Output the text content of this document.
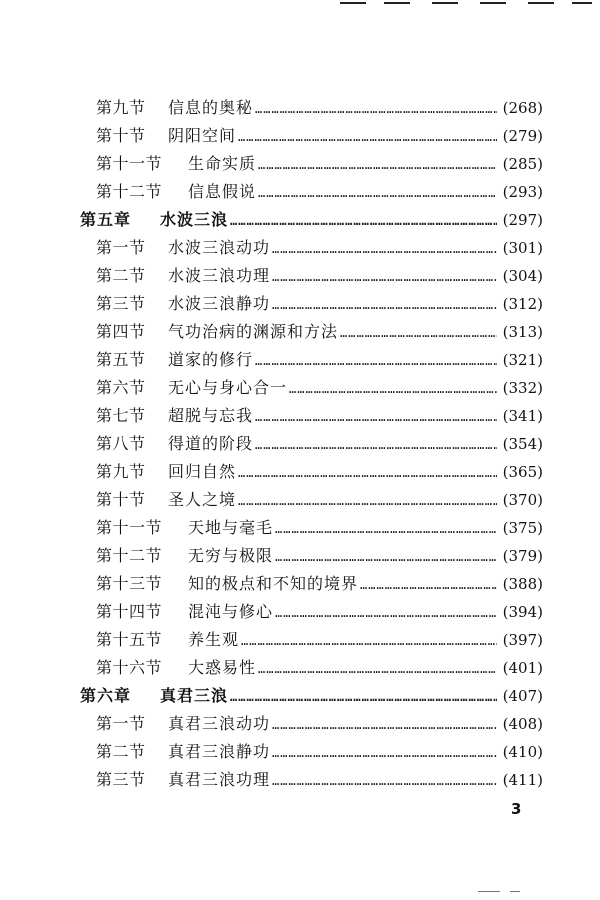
第九节	信息的奥秘 ……………………………………………………………………………………………………………………	(268)
第十节	阴阳空间 ……………………………………………………………………………………………………………………	(279)
第十一节	生命实质 ……………………………………………………………………………………………………………………	(285)
第十二节	信息假说 ……………………………………………………………………………………………………………………	(293)
第五章	水波三浪 ……………………………………………………………………………………………………………………	(297)
第一节	水波三浪动功 ……………………………………………………………………………………………………………………	(301)
第二节	水波三浪功理 ……………………………………………………………………………………………………………………	(304)
第三节	水波三浪静功 ……………………………………………………………………………………………………………………	(312)
第四节	气功治病的渊源和方法 ……………………………………………………………………………………………………………………	(313)
第五节	道家的修行 ……………………………………………………………………………………………………………………	(321)
第六节	无心与身心合一 ……………………………………………………………………………………………………………………	(332)
第七节	超脱与忘我 ……………………………………………………………………………………………………………………	(341)
第八节	得道的阶段 ……………………………………………………………………………………………………………………	(354)
第九节	回归自然 ……………………………………………………………………………………………………………………	(365)
第十节	圣人之境 ……………………………………………………………………………………………………………………	(370)
第十一节	天地与毫毛 ……………………………………………………………………………………………………………………	(375)
第十二节	无穷与极限 ……………………………………………………………………………………………………………………	(379)
第十三节	知的极点和不知的境界 ……………………………………………………………………………………………………………………	(388)
第十四节	混沌与修心 ……………………………………………………………………………………………………………………	(394)
第十五节	养生观 ……………………………………………………………………………………………………………………	(397)
第十六节	大惑易性 ……………………………………………………………………………………………………………………	(401)
第六章	真君三浪 ……………………………………………………………………………………………………………………	(407)
第一节	真君三浪动功 ……………………………………………………………………………………………………………………	(408)
第二节	真君三浪静功 ……………………………………………………………………………………………………………………	(410)
第三节	真君三浪功理 ……………………………………………………………………………………………………………………	(411)
3
